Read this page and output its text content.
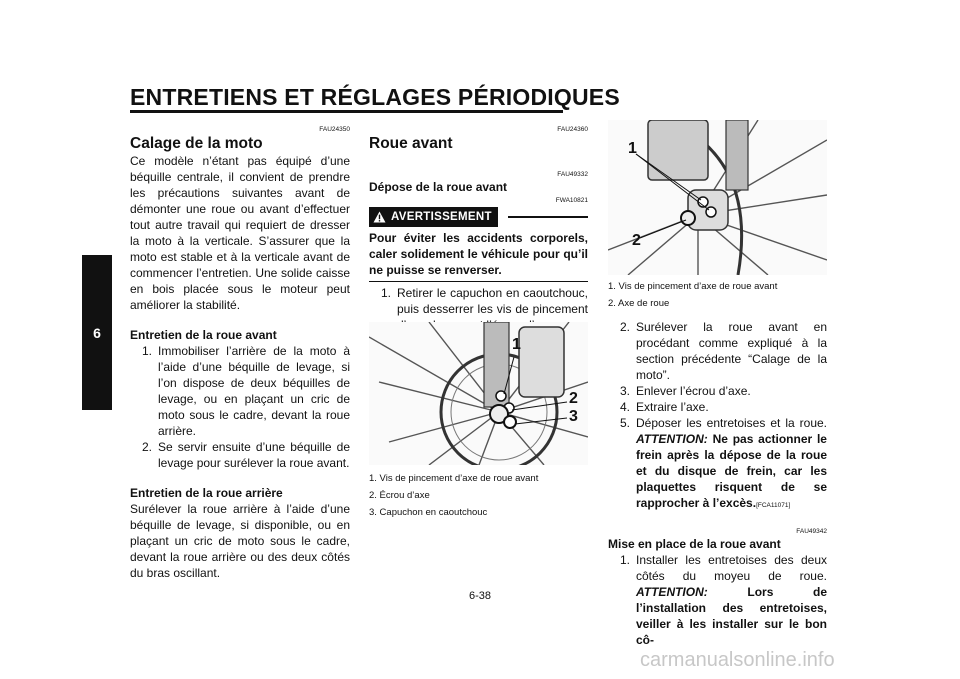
ENTRETIENS ET RÉGLAGES PÉRIODIQUES
6
FAU24350
Calage de la moto
Ce modèle n’étant pas équipé d’une béquille centrale, il convient de prendre les précautions suivantes avant de démonter une roue ou avant d’effectuer tout autre travail qui requiert de dresser la moto à la verticale. S’assurer que la moto est stable et à la verticale avant de commencer l’entretien. Une solide caisse en bois placée sous le moteur peut améliorer la stabilité.
Entretien de la roue avant
1. Immobiliser l’arrière de la moto à l’aide d’une béquille de levage, si l’on dispose de deux béquilles de levage, ou en plaçant un cric de moto sous le cadre, devant la roue arrière.
2. Se servir ensuite d’une béquille de levage pour surélever la roue avant.
Entretien de la roue arrière
Surélever la roue arrière à l’aide d’une béquille de levage, si disponible, ou en plaçant un cric de moto sous le cadre, devant la roue arrière ou des deux côtés du bras oscillant.
FAU24360
Roue avant
FAU49332
Dépose de la roue avant
FWA10821
AVERTISSEMENT
Pour éviter les accidents corporels, caler solidement le véhicule pour qu’il ne puisse se renverser.
1. Retirer le capuchon en caoutchouc, puis desserrer les vis de pincement
1
2
3
1. Vis de pincement d’axe de roue avant
2. Écrou d’axe
3. Capuchon en caoutchouc
1
2
1. Vis de pincement d’axe de roue avant
2. Axe de roue
2. Surélever la roue avant en procédant comme expliqué à la section précédente “Calage de la moto”.
3. Enlever l’écrou d’axe.
4. Extraire l’axe.
5. Déposer les entretoises et la roue. ATTENTION: Ne pas actionner le frein après la dépose de la roue et du disque de frein, car les plaquettes risquent de se rapprocher à l’excès.[FCA11071]
FAU49342
Mise en place de la roue avant
1. Installer les entretoises des deux côtés du moyeu de roue. ATTENTION:	Lors de l’installation des entretoises, veiller à les installer sur le bon cô-
6-38
carmanualsonline.info
